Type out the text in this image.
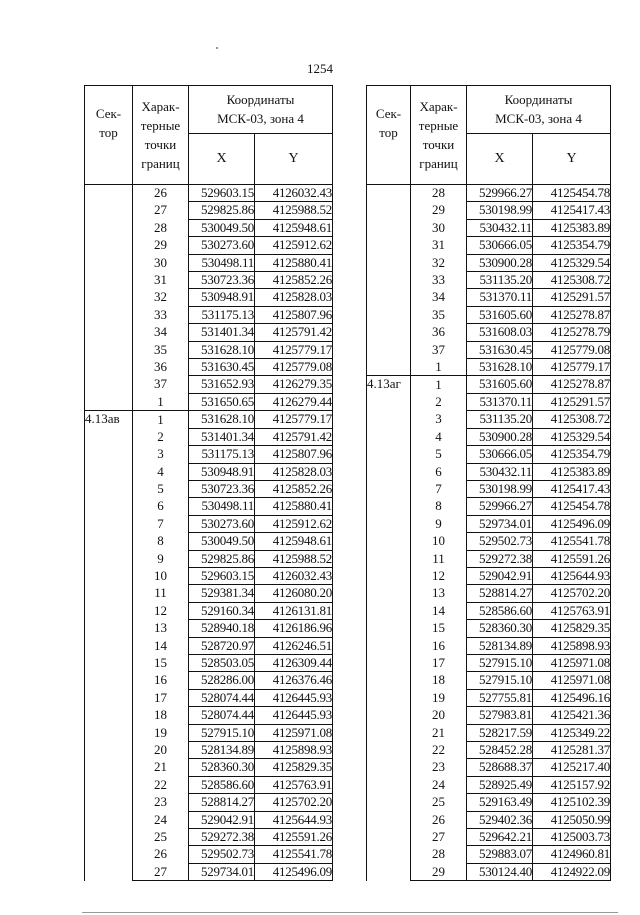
1254
Сек-
тор	Харак-
терные
точки
границ	Координаты
МСК-03, зона 4	

		X	Y
	26	529603.15	4126032.43
	27	529825.86	4125988.52
	28	530049.50	4125948.61
	29	530273.60	4125912.62
	30	530498.11	4125880.41
	31	530723.36	4125852.26
	32	530948.91	4125828.03
	33	531175.13	4125807.96
	34	531401.34	4125791.42
	35	531628.10	4125779.17
	36	531630.45	4125779.08
	37	531652.93	4126279.35
	1	531650.65	4126279.44
4.13ав	1	531628.10	4125779.17
	2	531401.34	4125791.42
	3	531175.13	4125807.96
	4	530948.91	4125828.03
	5	530723.36	4125852.26
	6	530498.11	4125880.41
	7	530273.60	4125912.62
	8	530049.50	4125948.61
	9	529825.86	4125988.52
	10	529603.15	4126032.43
	11	529381.34	4126080.20
	12	529160.34	4126131.81
	13	528940.18	4126186.96
	14	528720.97	4126246.51
	15	528503.05	4126309.44
	16	528286.00	4126376.46
	17	528074.44	4126445.93
	18	528074.44	4126445.93
	19	527915.10	4125971.08
	20	528134.89	4125898.93
	21	528360.30	4125829.35
	22	528586.60	4125763.91
	23	528814.27	4125702.20
	24	529042.91	4125644.93
	25	529272.38	4125591.26
	26	529502.73	4125541.78
	27	529734.01	4125496.09
Сек-
тор	Харак-
терные
точки
границ	Координаты
МСК-03, зона 4	

		X	Y
	28	529966.27	4125454.78
	29	530198.99	4125417.43
	30	530432.11	4125383.89
	31	530666.05	4125354.79
	32	530900.28	4125329.54
	33	531135.20	4125308.72
	34	531370.11	4125291.57
	35	531605.60	4125278.87
	36	531608.03	4125278.79
	37	531630.45	4125779.08
	1	531628.10	4125779.17
4.13аг	1	531605.60	4125278.87
	2	531370.11	4125291.57
	3	531135.20	4125308.72
	4	530900.28	4125329.54
	5	530666.05	4125354.79
	6	530432.11	4125383.89
	7	530198.99	4125417.43
	8	529966.27	4125454.78
	9	529734.01	4125496.09
	10	529502.73	4125541.78
	11	529272.38	4125591.26
	12	529042.91	4125644.93
	13	528814.27	4125702.20
	14	528586.60	4125763.91
	15	528360.30	4125829.35
	16	528134.89	4125898.93
	17	527915.10	4125971.08
	18	527915.10	4125971.08
	19	527755.81	4125496.16
	20	527983.81	4125421.36
	21	528217.59	4125349.22
	22	528452.28	4125281.37
	23	528688.37	4125217.40
	24	528925.49	4125157.92
	25	529163.49	4125102.39
	26	529402.36	4125050.99
	27	529642.21	4125003.73
	28	529883.07	4124960.81
	29	530124.40	4124922.09
